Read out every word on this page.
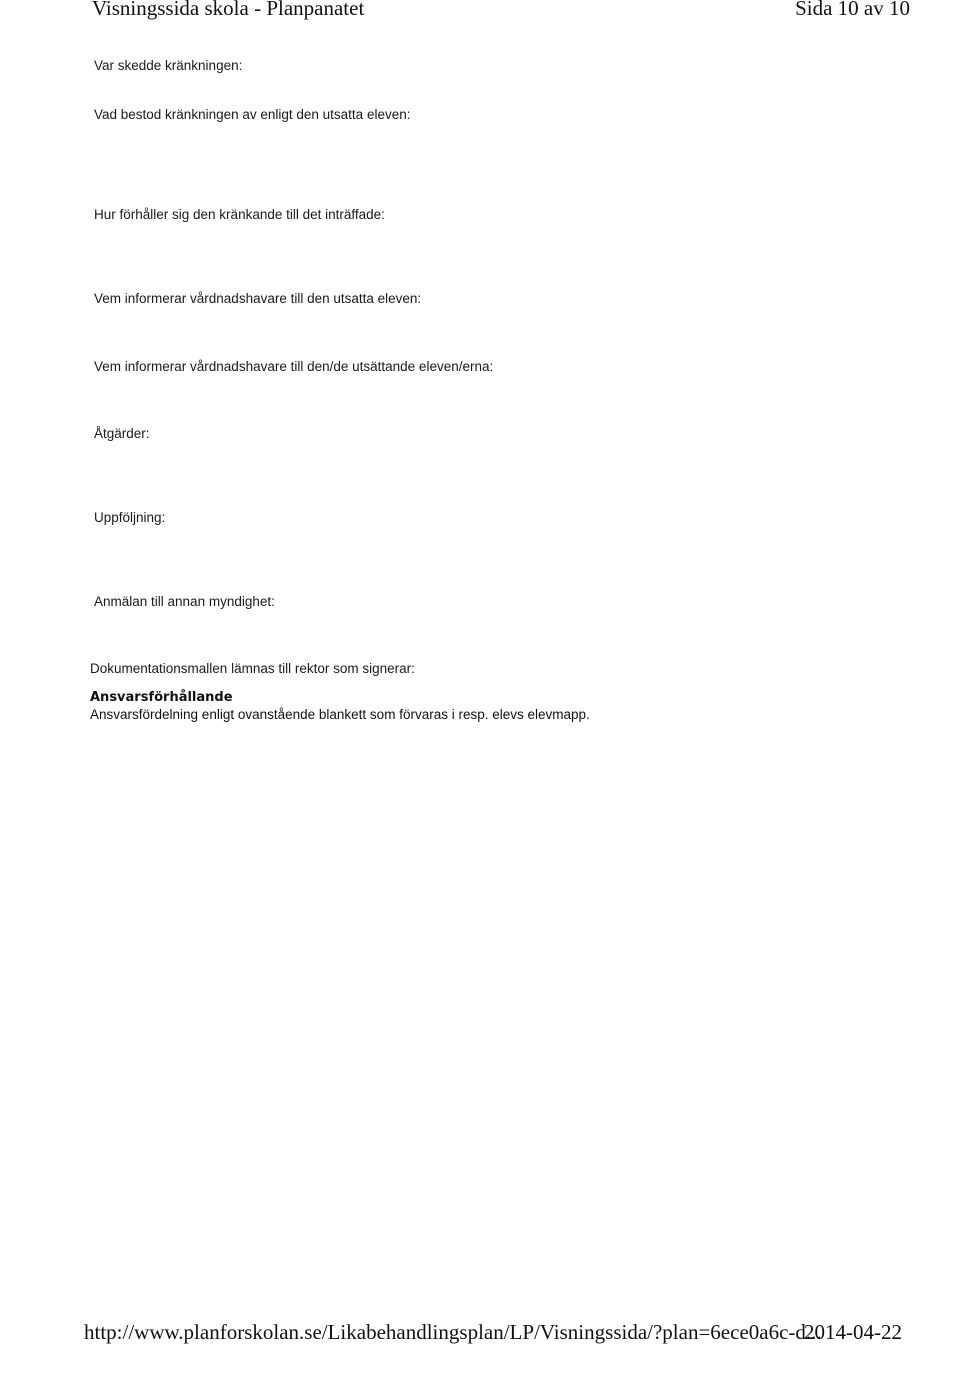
Visningssida skola - Planpanatet	Sida 10 av 10
Var skedde kränkningen:
Vad bestod kränkningen av enligt den utsatta eleven:
Hur förhåller sig den kränkande till det inträffade:
Vem informerar vårdnadshavare till den utsatta eleven:
Vem informerar vårdnadshavare till den/de utsättande eleven/erna:
Åtgärder:
Uppföljning:
Anmälan till annan myndighet:
Dokumentationsmallen lämnas till rektor som signerar:
Ansvarsförhållande
Ansvarsfördelning enligt ovanstående blankett som förvaras i resp. elevs elevmapp.
http://www.planforskolan.se/Likabehandlingsplan/LP/Visningssida/?plan=6ece0a6c-d...
2014-04-22
